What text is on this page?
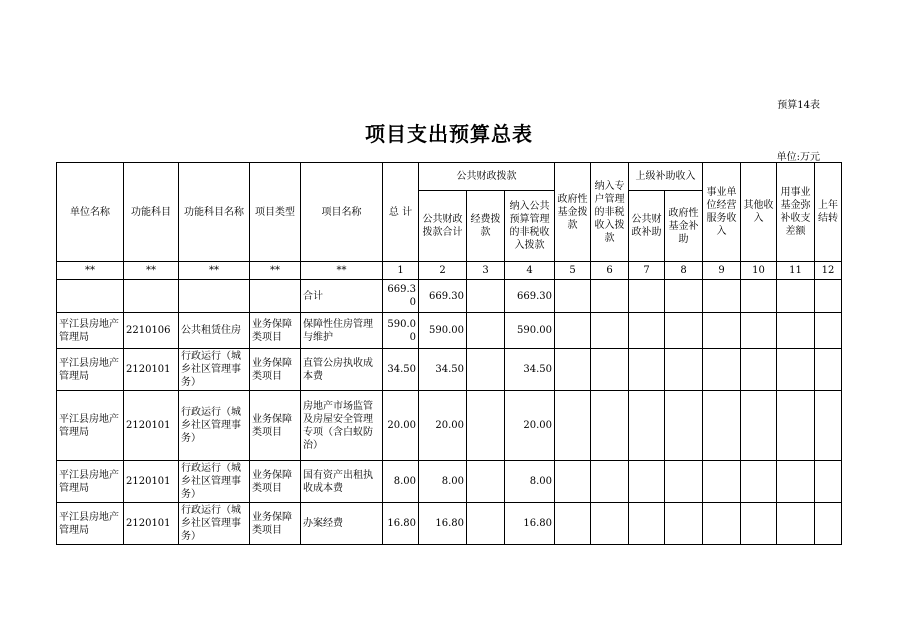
预算14表
项目支出预算总表
单位:万元
单位名称	功能科目	功能科目名称	项目类型	项目名称	总 计	公共财政拨款			政府性基金拨款	纳入专户管理的非税收入拨款	上级补助收入		事业单位经营服务收入	其他收入	用事业基金弥补收支差额	上年结转
						公共财政拨款合计	经费拨款	纳入公共预算管理的非税收入拨款			公共财政补助	政府性基金补助				
**	**	**	**	**	1	2	3	4	5	6	7	8	9	10	11	12
				合计	669.30	669.30		669.30								
平江县房地产管理局	2210106	公共租赁住房	业务保障类项目	保障性住房管理与维护	590.00	590.00		590.00								
平江县房地产管理局	2120101	行政运行（城乡社区管理事务）	业务保障类项目	直管公房执收成本费	34.50	34.50		34.50								
平江县房地产管理局	2120101	行政运行（城乡社区管理事务）	业务保障类项目	房地产市场监管及房屋安全管理专项（含白蚁防治）	20.00	20.00		20.00								
平江县房地产管理局	2120101	行政运行（城乡社区管理事务）	业务保障类项目	国有资产出租执收成本费	8.00	8.00		8.00								
平江县房地产管理局	2120101	行政运行（城乡社区管理事务）	业务保障类项目	办案经费	16.80	16.80		16.80								
